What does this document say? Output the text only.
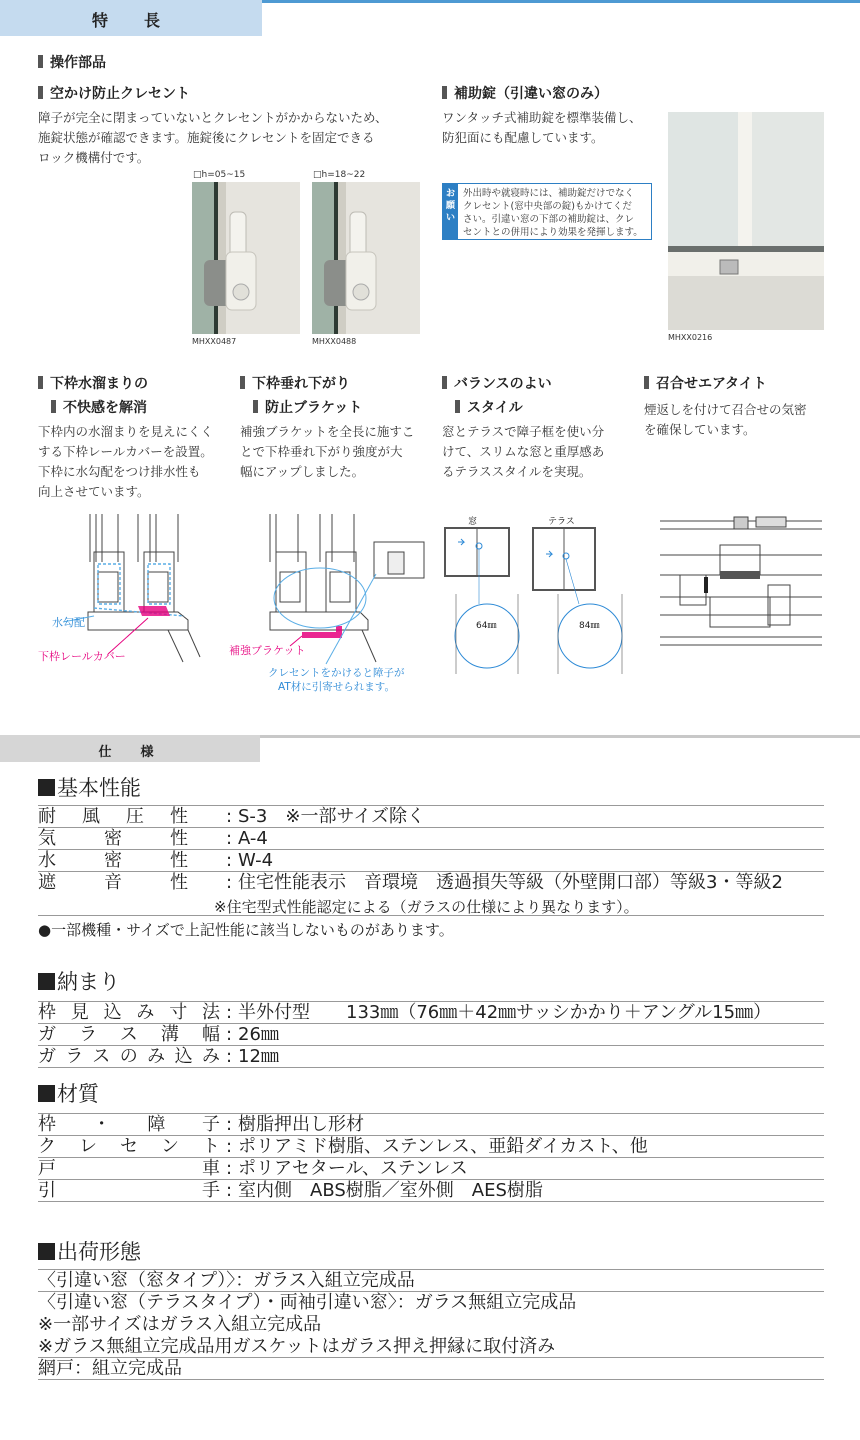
特　長
操作部品
空かけ防止クレセント
障子が完全に閉まっていないとクレセントがかからないため、
施錠状態が確認できます。施錠後にクレセントを固定できる
ロック機構付です。
□h=05~15
MHXX0487
□h=18~22
MHXX0488
補助錠（引違い窓のみ）
ワンタッチ式補助錠を標準装備し、
防犯面にも配慮しています。
お願い
外出時や就寝時には、補助錠だけでなく
クレセント(窓中央部の錠)もかけてくだ
さい。引違い窓の下部の補助錠は、クレ
セントとの併用により効果を発揮します。
MHXX0216
下枠水溜まりの
不快感を解消
下枠内の水溜まりを見えにくく
する下枠レールカバーを設置。
下枠に水勾配をつけ排水性も
向上させています。
下枠垂れ下がり
防止ブラケット
補強ブラケットを全長に施すこ
とで下枠垂れ下がり強度が大
幅にアップしました。
バランスのよい
スタイル
窓とテラスで障子框を使い分
けて、スリムな窓と重厚感あ
るテラススタイルを実現。
召合せエアタイト
煙返しを付けて召合せの気密
を確保しています。
水勾配
下枠レールカバー	補強ブラケット
クレセントをかけると障子が
AT材に引寄せられます。
窓	テラス
64㎜	84㎜
仕　様
基本性能
耐風圧性 : S-3　※一部サイズ除く
気密性 : A-4
水密性 : W-4
遮音性 : 住宅性能表示　音環境　透過損失等級（外壁開口部）等級3・等級2
※住宅型式性能認定による（ガラスの仕様により異なります）。
●一部機種・サイズで上記性能に該当しないものがあります。
納まり
枠見込み寸法 : 半外付型　　133㎜（76㎜＋42㎜サッシかかり＋アングル15㎜）
ガラス溝幅 : 26㎜
ガラスのみ込み : 12㎜
材質
枠・障子 : 樹脂押出し形材
クレセント : ポリアミド樹脂、ステンレス、亜鉛ダイカスト、他
戸車 : ポリアセタール、ステンレス
引手 : 室内側　ABS樹脂／室外側　AES樹脂
出荷形態
〈引違い窓（窓タイプ）〉：ガラス入組立完成品
〈引違い窓（テラスタイプ）・両袖引違い窓〉：ガラス無組立完成品
※一部サイズはガラス入組立完成品
※ガラス無組立完成品用ガスケットはガラス押え押縁に取付済み
網戸：組立完成品
